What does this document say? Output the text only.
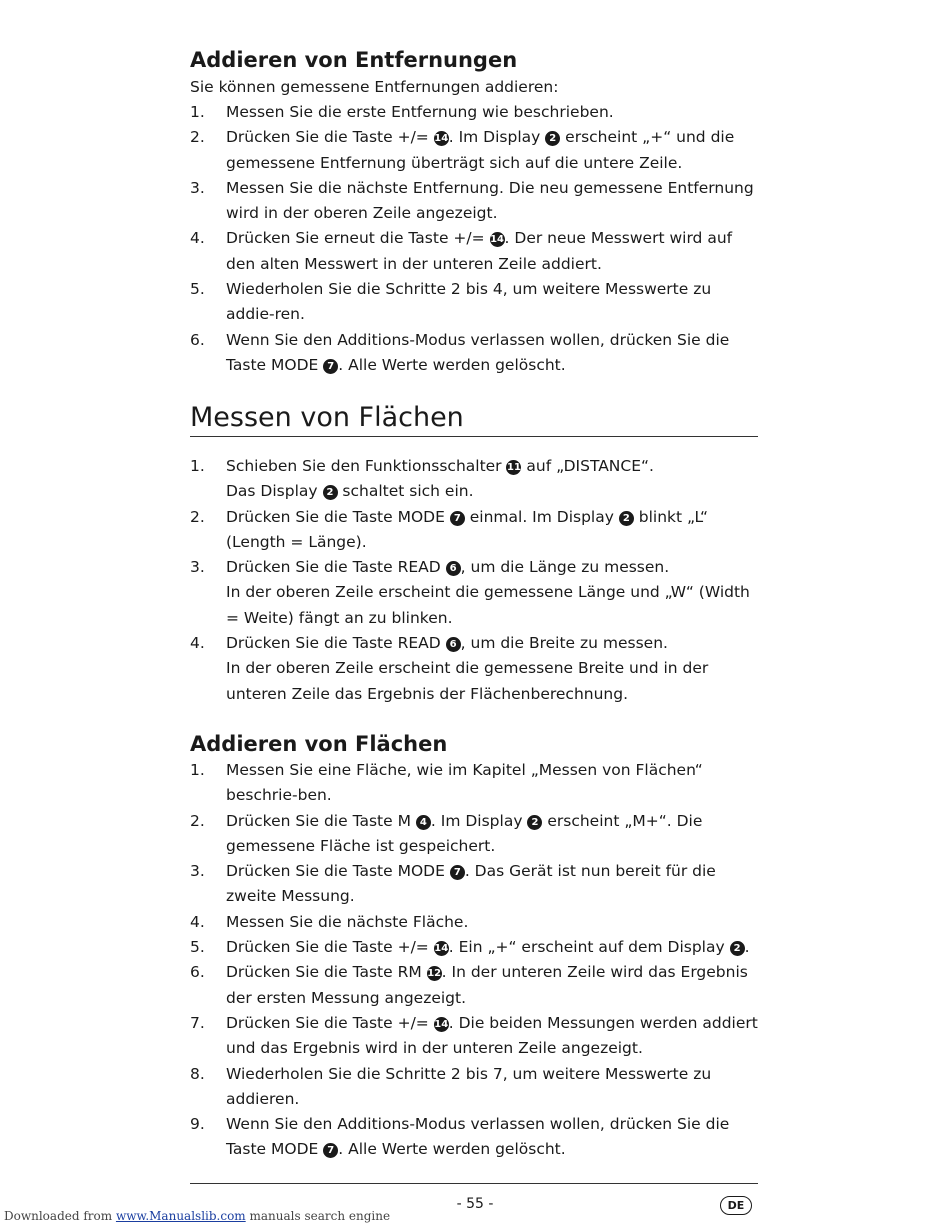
Addieren von Entfernungen

Sie können gemessene Entfernungen addieren:

1. Messen Sie die erste Entfernung wie beschrieben.
2. Drücken Sie die Taste +/= 14. Im Display 2 erscheint „+“ und die gemessene Entfernung überträgt sich auf die untere Zeile.
3. Messen Sie die nächste Entfernung. Die neu gemessene Entfernung wird in der oberen Zeile angezeigt.
4. Drücken Sie erneut die Taste +/= 14. Der neue Messwert wird auf den alten Messwert in der unteren Zeile addiert.
5. Wiederholen Sie die Schritte 2 bis 4, um weitere Messwerte zu addie-ren.
6. Wenn Sie den Additions-Modus verlassen wollen, drücken Sie die Taste MODE 7 . Alle Werte werden gelöscht.
Messen von Flächen
1. Schieben Sie den Funktionsschalter 11 auf „DISTANCE“.
Das Display 2 schaltet sich ein.
2. Drücken Sie die Taste MODE 7 einmal. Im Display 2 blinkt „L“ (Length = Länge).
3. Drücken Sie die Taste READ 6 , um die Länge zu messen.
In der oberen Zeile erscheint die gemessene Länge und „W“ (Width = Weite) fängt an zu blinken.
4. Drücken Sie die Taste READ 6 , um die Breite zu messen.
In der oberen Zeile erscheint die gemessene Breite und in der unteren Zeile das Ergebnis der Flächenberechnung.
Addieren von Flächen
1. Messen Sie eine Fläche, wie im Kapitel „Messen von Flächen“ beschrie-ben.
2. Drücken Sie die Taste M 4 . Im Display 2 erscheint „M+“. Die gemessene Fläche ist gespeichert.
3. Drücken Sie die Taste MODE 7 . Das Gerät ist nun bereit für die zweite Messung.
4. Messen Sie die nächste Fläche.
5. Drücken Sie die Taste +/= 14. Ein „+“ erscheint auf dem Display 2 .
6. Drücken Sie die Taste RM 12. In der unteren Zeile wird das Ergebnis der ersten Messung angezeigt.
7. Drücken Sie die Taste +/= 14. Die beiden Messungen werden addiert und das Ergebnis wird in der unteren Zeile angezeigt.
8. Wiederholen Sie die Schritte 2 bis 7, um weitere Messwerte zu addieren.
9. Wenn Sie den Additions-Modus verlassen wollen, drücken Sie die Taste MODE 7 . Alle Werte werden gelöscht.
- 55 -	DE
Downloaded from www.Manualslib.com manuals search engine
